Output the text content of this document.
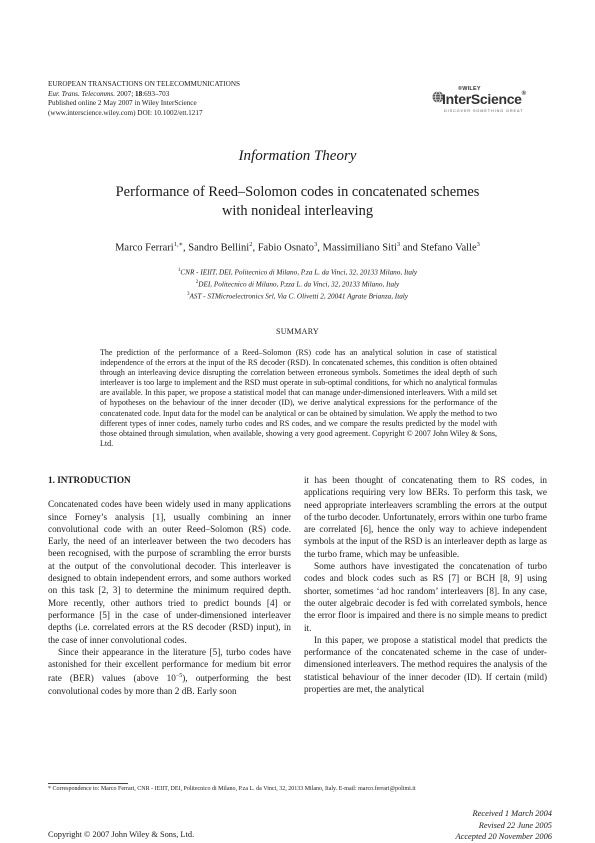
EUROPEAN TRANSACTIONS ON TELECOMMUNICATIONS
Eur. Trans. Telecomms. 2007; 18:693–703
Published online 2 May 2007 in Wiley InterScience
(www.interscience.wiley.com) DOI: 10.1002/ett.1217
®WILEY
InterScience®
DISCOVER SOMETHING GREAT
Information Theory
Performance of Reed–Solomon codes in concatenated schemes
with nonideal interleaving
Marco Ferrari$^{1,∗}$, Sandro Bellini$^2$, Fabio Osnato$^3$, Massimiliano Siti$^3$ and Stefano Valle$^3$
$^1$CNR - IEIIT, DEI, Politecnico di Milano, P.za L. da Vinci, 32, 20133 Milano, Italy
$^2$DEI, Politecnico di Milano, P.zza L. da Vinci, 32, 20133 Milano, Italy
$^3$AST - STMicroelectronics Srl, Via C. Olivetti 2, 20041 Agrate Brianza, Italy
SUMMARY
The prediction of the performance of a Reed–Solomon (RS) code has an analytical solution in case of statistical independence of the errors at the input of the RS decoder (RSD). In concatenated schemes, this condition is often obtained through an interleaving device disrupting the correlation between erroneous symbols. Sometimes the ideal depth of such interleaver is too large to implement and the RSD must operate in sub-optimal conditions, for which no analytical formulas are available. In this paper, we propose a statistical model that can manage under-dimensioned interleavers. With a mild set of hypotheses on the behaviour of the inner decoder (ID), we derive analytical expressions for the performance of the concatenated code. Input data for the model can be analytical or can be obtained by simulation. We apply the method to two different types of inner codes, namely turbo codes and RS codes, and we compare the results predicted by the model with those obtained through simulation, when available, showing a very good agreement. Copyright © 2007 John Wiley & Sons, Ltd.
1. INTRODUCTION

Concatenated codes have been widely used in many applications since Forney’s analysis [1], usually combining an inner convolutional code with an outer Reed–Solomon (RS) code. Early, the need of an interleaver between the two decoders has been recognised, with the purpose of scrambling the error bursts at the output of the convolutional decoder. This interleaver is designed to obtain independent errors, and some authors worked on this task [2, 3] to determine the minimum required depth. More recently, other authors tried to predict bounds [4] or performance [5] in the case of under-dimensioned interleaver depths (i.e. correlated errors at the RS decoder (RSD) input), in the case of inner convolutional codes.

Since their appearance in the literature [5], turbo codes have astonished for their excellent performance for medium bit error rate (BER) values (above $10^{-5}$), outperforming the best convolutional codes by more than 2 dB. Early soon

it has been thought of concatenating them to RS codes, in applications requiring very low BERs. To perform this task, we need appropriate interleavers scrambling the errors at the output of the turbo decoder. Unfortunately, errors within one turbo frame are correlated [6], hence the only way to achieve independent symbols at the input of the RSD is an interleaver depth as large as the turbo frame, which may be unfeasible.

Some authors have investigated the concatenation of turbo codes and block codes such as RS [7] or BCH [8, 9] using shorter, sometimes ‘ad hoc random’ interleavers [8]. In any case, the outer algebraic decoder is fed with correlated symbols, hence the error floor is impaired and there is no simple means to predict it.

In this paper, we propose a statistical model that predicts the performance of the concatenated scheme in the case of under-dimensioned interleavers. The method requires the analysis of the statistical behaviour of the inner decoder (ID). If certain (mild) properties are met, the analytical

* Correspondence to: Marco Ferrari, CNR - IEIIT, DEI, Politecnico di Milano, P.za L. da Vinci, 32, 20133 Milano, Italy. E-mail: marco.ferrari@polimi.it
Received 1 March 2004
Revised 22 June 2005
Accepted 20 November 2006
Copyright © 2007 John Wiley & Sons, Ltd.
